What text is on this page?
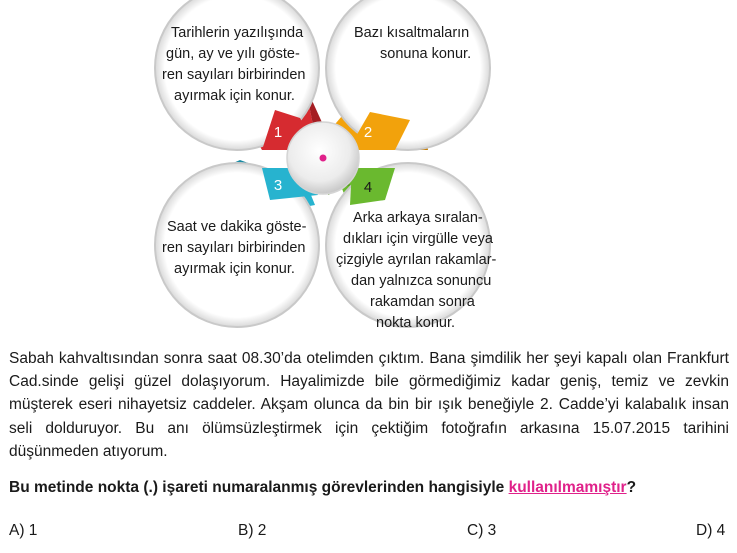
1	2
3	4
Tarihlerin yazılışında
gün, ay ve yılı göste-
ren sayıları birbirinden
ayırmak için konur.
Bazı kısaltmaların
sonuna konur.
Saat ve dakika göste-
ren sayıları birbirinden
ayırmak için konur.
Arka arkaya sıralan-
dıkları için virgülle veya
çizgiyle ayrılan rakamlar-
dan yalnızca sonuncu
rakamdan sonra
nokta konur.

Sabah kahvaltısından sonra saat 08.30’da otelimden çıktım. Bana şimdilik her şeyi kapalı olan Frankfurt Cad.sinde gelişi güzel dolaşıyorum. Hayalimizde bile görmediğimiz kadar geniş, temiz ve zevkin müşterek eseri nihayetsiz caddeler. Akşam olunca da bin bir ışık beneğiyle 2. Cadde’yi kalabalık insan seli dolduruyor. Bu anı ölümsüzleştirmek için çektiğim fotoğrafın arkasına 15.07.2015 tarihini düşünmeden atıyorum.

Bu metinde nokta (.) işareti numaralanmış görevlerinden hangisiyle kullanılmamıştır?
A) 1	B) 2	C) 3	D) 4
